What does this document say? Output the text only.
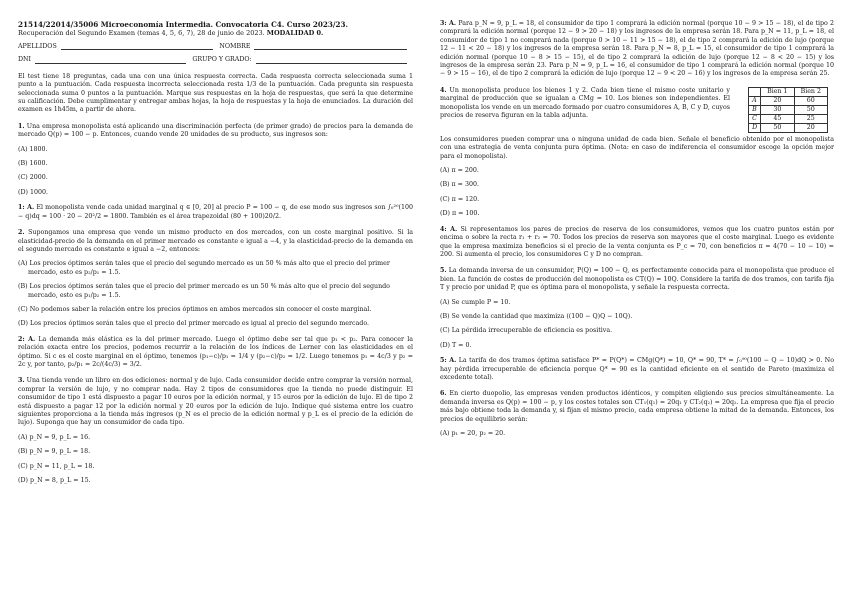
21514/22014/35006 Microeconomía Intermedia. Convocatoria C4. Curso 2023/23.

Recuperación del Segundo Examen (temas 4, 5, 6, 7), 28 de junio de 2023. MODALIDAD 0.

APELLIDOS	NOMBRE
DNI	GRUPO Y GRADO:

El test tiene 18 preguntas, cada una con una única respuesta correcta. Cada respuesta correcta seleccionada suma 1 punto a la puntuación. Cada respuesta incorrecta seleccionada resta 1/3 de la puntuación. Cada pregunta sin respuesta seleccionada suma 0 puntos a la puntuación. Marque sus respuestas en la hoja de respuestas, que será la que determine su calificación. Debe cumplimentar y entregar ambas hojas, la hoja de respuestas y la hoja de enunciados. La duración del examen es 1h45m, a partir de ahora.

1. Una empresa monopolista está aplicando una discriminación perfecta (de primer grado) de precios para la demanda de mercado Q(p) = 100 − p. Entonces, cuando vende 20 unidades de su producto, sus ingresos son:

(A) 1800.

(B) 1600.

(C) 2000.

(D) 1000.

1: A. El monopolista vende cada unidad marginal q ∈ [0, 20] al precio P = 100 − q, de ese modo sus ingresos son ∫₀²⁰(100 − q)dq = 100 · 20 − 20²/2 = 1800. También es el área trapezoidal (80 + 100)20/2.

2. Supongamos una empresa que vende un mismo producto en dos mercados, con un coste marginal positivo. Si la elasticidad-precio de la demanda en el primer mercado es constante e igual a −4, y la elasticidad-precio de la demanda en el segundo mercado es constante e igual a −2, entonces:

(A) Los precios óptimos serán tales que el precio del segundo mercado es un 50 % más alto que el precio del primer mercado, esto es p₂/p₁ = 1.5.

(B) Los precios óptimos serán tales que el precio del primer mercado es un 50 % más alto que el precio del segundo mercado, esto es p₁/p₂ = 1.5.

(C) No podemos saber la relación entre los precios óptimos en ambos mercados sin conocer el coste marginal.

(D) Los precios óptimos serán tales que el precio del primer mercado es igual al precio del segundo mercado.

2: A. La demanda más elástica es la del primer mercado. Luego el óptimo debe ser tal que p₁ < p₂. Para conocer la relación exacta entre los precios, podemos recurrir a la relación de los índices de Lerner con las elasticidades en el óptimo. Si c es el coste marginal en el óptimo, tenemos (p₁−c)/p₁ = 1/4 y (p₂−c)/p₂ = 1/2. Luego tenemos p₁ = 4c/3 y p₂ = 2c y, por tanto, p₂/p₁ = 2c/(4c/3) = 3/2.

3. Una tienda vende un libro en dos ediciones: normal y de lujo. Cada consumidor decide entre comprar la versión normal, comprar la versión de lujo, y no comprar nada. Hay 2 tipos de consumidores que la tienda no puede distinguir. El consumidor de tipo 1 está dispuesto a pagar 10 euros por la edición normal, y 15 euros por la edición de lujo. El de tipo 2 está dispuesto a pagar 12 por la edición normal y 20 euros por la edición de lujo. Indique qué sistema entre los cuatro siguientes proporciona a la tienda más ingresos (p_N es el precio de la edición normal y p_L es el precio de la edición de lujo). Suponga que hay un consumidor de cada tipo.

(A) p_N = 9, p_L = 16.

(B) p_N = 9, p_L = 18.

(C) p_N = 11, p_L = 18.

(D) p_N = 8, p_L = 15.

3: A. Para p_N = 9, p_L = 18, el consumidor de tipo 1 comprará la edición normal (porque 10 − 9 > 15 − 18), el de tipo 2 comprará la edición normal (porque 12 − 9 > 20 − 18) y los ingresos de la empresa serán 18. Para p_N = 11, p_L = 18, el consumidor de tipo 1 no comprará nada (porque 0 > 10 − 11 > 15 − 18), el de tipo 2 comprará la edición de lujo (porque 12 − 11 < 20 − 18) y los ingresos de la empresa serán 18. Para p_N = 8, p_L = 15, el consumidor de tipo 1 comprará la edición normal (porque 10 − 8 > 15 − 15), el de tipo 2 comprará la edición de lujo (porque 12 − 8 < 20 − 15) y los ingresos de la empresa serán 23. Para p_N = 9, p_L = 16, el consumidor de tipo 1 comprará la edición normal (porque 10 − 9 > 15 − 16), el de tipo 2 comprará la edición de lujo (porque 12 − 9 < 20 − 16) y los ingresos de la empresa serán 25.

4. Un monopolista produce los bienes 1 y 2. Cada bien tiene el mismo coste unitario y marginal de producción que se igualan a CMg = 10. Los bienes son independientes. El monopolista los vende en un mercado formado por cuatro consumidores A, B, C y D, cuyos precios de reserva figuran en la tabla adjunta.

	Bien 1	Bien 2
A	20	60
B	30	50
C	45	25
D	50	20

Los consumidores pueden comprar una o ninguna unidad de cada bien. Señale el beneficio obtenido por el monopolista con una estrategia de venta conjunta pura óptima. (Nota: en caso de indiferencia el consumidor escoge la opción mejor para el monopolista).

(A) π = 200.

(B) π = 300.

(C) π = 120.

(D) π = 100.

4: A. Si representamos los pares de precios de reserva de los consumidores, vemos que los cuatro puntos están por encima o sobre la recta r₁ + r₂ = 70. Todos los precios de reserva son mayores que el coste marginal. Luego es evidente que la empresa maximiza beneficios si el precio de la venta conjunta es P_c = 70, con beneficios π = 4(70 − 10 − 10) = 200. Si aumenta el precio, los consumidores C y D no compran.

5. La demanda inversa de un consumidor, P(Q) = 100 − Q, es perfectamente conocida para el monopolista que produce el bien. La función de costes de producción del monopolista es CT(Q) = 10Q. Considere la tarifa de dos tramos, con tarifa fija T y precio por unidad P, que es óptima para el monopolista, y señale la respuesta correcta.

(A) Se cumple P = 10.

(B) Se vende la cantidad que maximiza ((100 − Q)Q − 10Q).

(C) La pérdida irrecuperable de eficiencia es positiva.

(D) T = 0.

5: A. La tarifa de dos tramos óptima satisface P* = P(Q*) = CMg(Q*) = 10, Q* = 90, T* = ∫₀⁹⁰(100 − Q − 10)dQ > 0. No hay pérdida irrecuperable de eficiencia porque Q* = 90 es la cantidad eficiente en el sentido de Pareto (maximiza el excedente total).

6. En cierto duopolio, las empresas venden productos idénticos, y compiten eligiendo sus precios simultáneamente. La demanda inversa es Q(p) = 100 − p, y los costes totales son CT₁(q₁) = 20q₁ y CT₂(q₂) = 20q₂. La empresa que fija el precio más bajo obtiene toda la demanda y, si fijan el mismo precio, cada empresa obtiene la mitad de la demanda. Entonces, los precios de equilibrio serán:

(A) p₁ = 20, p₂ = 20.
